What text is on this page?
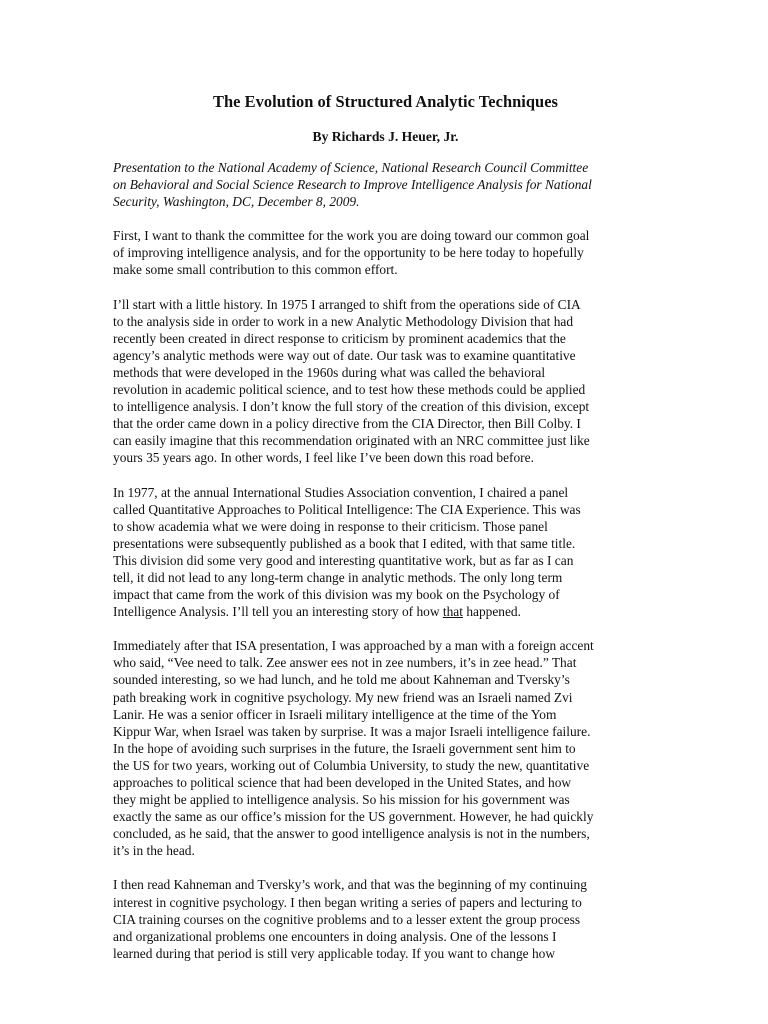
The Evolution of Structured Analytic Techniques

By Richards J. Heuer, Jr.

Presentation to the National Academy of Science, National Research Council Committee
on Behavioral and Social Science Research to Improve Intelligence Analysis for National
Security, Washington, DC, December 8, 2009.

First, I want to thank the committee for the work you are doing toward our common goal
of improving intelligence analysis, and for the opportunity to be here today to hopefully
make some small contribution to this common effort.

I’ll start with a little history. In 1975 I arranged to shift from the operations side of CIA
to the analysis side in order to work in a new Analytic Methodology Division that had
recently been created in direct response to criticism by prominent academics that the
agency’s analytic methods were way out of date. Our task was to examine quantitative
methods that were developed in the 1960s during what was called the behavioral
revolution in academic political science, and to test how these methods could be applied
to intelligence analysis. I don’t know the full story of the creation of this division, except
that the order came down in a policy directive from the CIA Director, then Bill Colby. I
can easily imagine that this recommendation originated with an NRC committee just like
yours 35 years ago. In other words, I feel like I’ve been down this road before.

In 1977, at the annual International Studies Association convention, I chaired a panel
called Quantitative Approaches to Political Intelligence: The CIA Experience. This was
to show academia what we were doing in response to their criticism. Those panel
presentations were subsequently published as a book that I edited, with that same title.
This division did some very good and interesting quantitative work, but as far as I can
tell, it did not lead to any long-term change in analytic methods. The only long term
impact that came from the work of this division was my book on the Psychology of
Intelligence Analysis. I’ll tell you an interesting story of how that happened.

Immediately after that ISA presentation, I was approached by a man with a foreign accent
who said, “Vee need to talk. Zee answer ees not in zee numbers, it’s in zee head.” That
sounded interesting, so we had lunch, and he told me about Kahneman and Tversky’s
path breaking work in cognitive psychology. My new friend was an Israeli named Zvi
Lanir. He was a senior officer in Israeli military intelligence at the time of the Yom
Kippur War, when Israel was taken by surprise. It was a major Israeli intelligence failure.
In the hope of avoiding such surprises in the future, the Israeli government sent him to
the US for two years, working out of Columbia University, to study the new, quantitative
approaches to political science that had been developed in the United States, and how
they might be applied to intelligence analysis. So his mission for his government was
exactly the same as our office’s mission for the US government. However, he had quickly
concluded, as he said, that the answer to good intelligence analysis is not in the numbers,
it’s in the head.

I then read Kahneman and Tversky’s work, and that was the beginning of my continuing
interest in cognitive psychology. I then began writing a series of papers and lecturing to
CIA training courses on the cognitive problems and to a lesser extent the group process
and organizational problems one encounters in doing analysis. One of the lessons I
learned during that period is still very applicable today. If you want to change how
